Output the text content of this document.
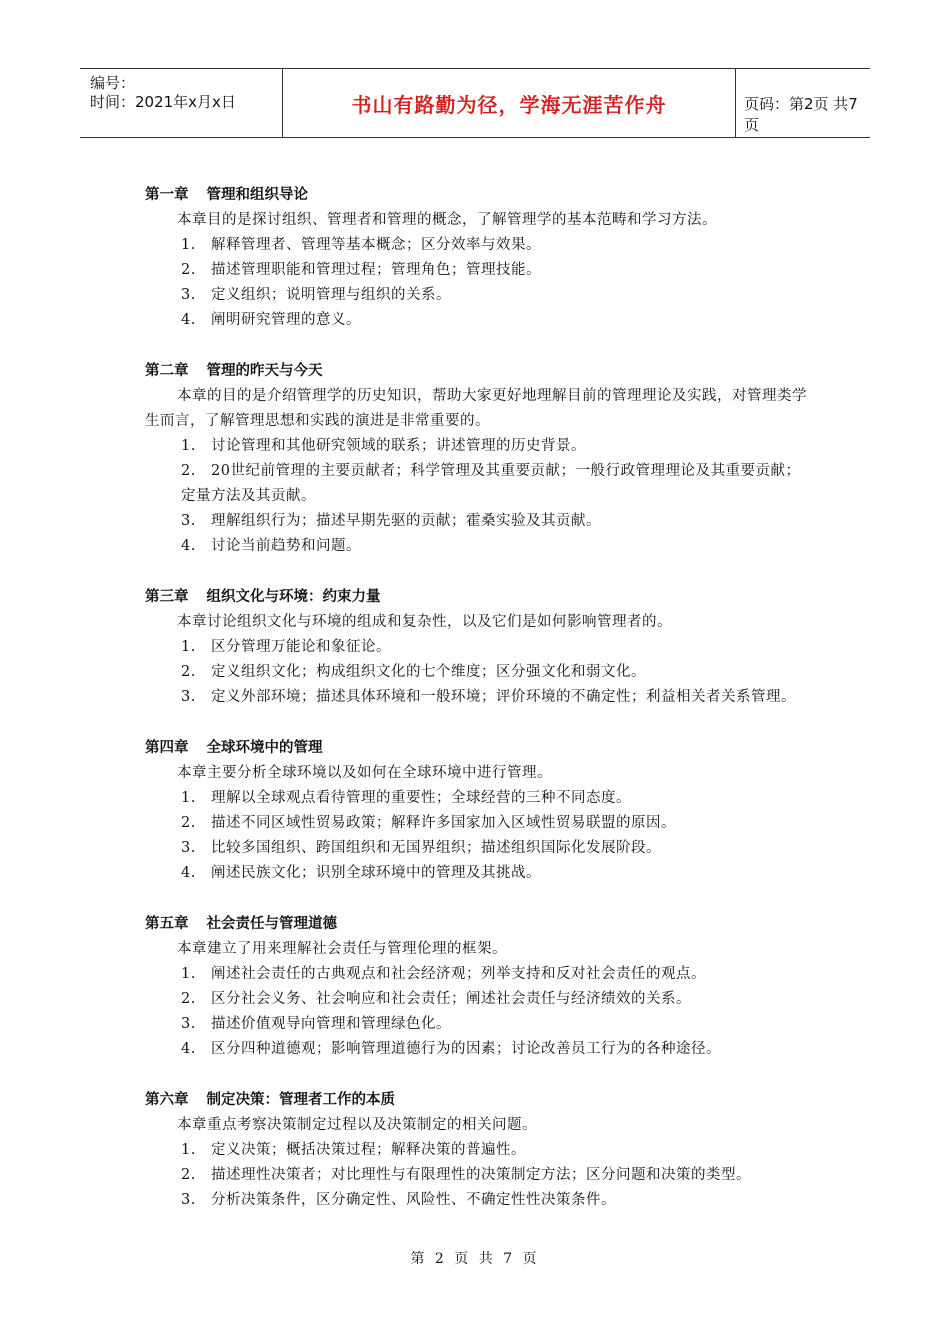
编号：
时间：2021年x月x日	书山有路勤为径，学海无涯苦作舟	页码：第2页 共7页
第一章 管理和组织导论
本章目的是探讨组织、管理者和管理的概念，了解管理学的基本范畴和学习方法。
1. 解释管理者、管理等基本概念；区分效率与效果。
2. 描述管理职能和管理过程；管理角色；管理技能。
3. 定义组织；说明管理与组织的关系。
4. 阐明研究管理的意义。
第二章 管理的昨天与今天
本章的目的是介绍管理学的历史知识，帮助大家更好地理解目前的管理理论及实践，对管理类学生而言，了解管理思想和实践的演进是非常重要的。
1. 讨论管理和其他研究领域的联系；讲述管理的历史背景。
2. 20世纪前管理的主要贡献者；科学管理及其重要贡献；一般行政管理理论及其重要贡献；定量方法及其贡献。
3. 理解组织行为；描述早期先驱的贡献；霍桑实验及其贡献。
4. 讨论当前趋势和问题。
第三章 组织文化与环境：约束力量
本章讨论组织文化与环境的组成和复杂性，以及它们是如何影响管理者的。
1. 区分管理万能论和象征论。
2. 定义组织文化；构成组织文化的七个维度；区分强文化和弱文化。
3. 定义外部环境；描述具体环境和一般环境；评价环境的不确定性；利益相关者关系管理。
第四章 全球环境中的管理
本章主要分析全球环境以及如何在全球环境中进行管理。
1. 理解以全球观点看待管理的重要性；全球经营的三种不同态度。
2. 描述不同区域性贸易政策；解释许多国家加入区域性贸易联盟的原因。
3. 比较多国组织、跨国组织和无国界组织；描述组织国际化发展阶段。
4. 阐述民族文化；识别全球环境中的管理及其挑战。
第五章 社会责任与管理道德
本章建立了用来理解社会责任与管理伦理的框架。
1. 阐述社会责任的古典观点和社会经济观；列举支持和反对社会责任的观点。
2. 区分社会义务、社会响应和社会责任；阐述社会责任与经济绩效的关系。
3. 描述价值观导向管理和管理绿色化。
4. 区分四种道德观；影响管理道德行为的因素；讨论改善员工行为的各种途径。
第六章 制定决策：管理者工作的本质
本章重点考察决策制定过程以及决策制定的相关问题。
1. 定义决策；概括决策过程；解释决策的普遍性。
2. 描述理性决策者；对比理性与有限理性的决策制定方法；区分问题和决策的类型。
3. 分析决策条件，区分确定性、风险性、不确定性性决策条件。
第 2 页 共 7 页
